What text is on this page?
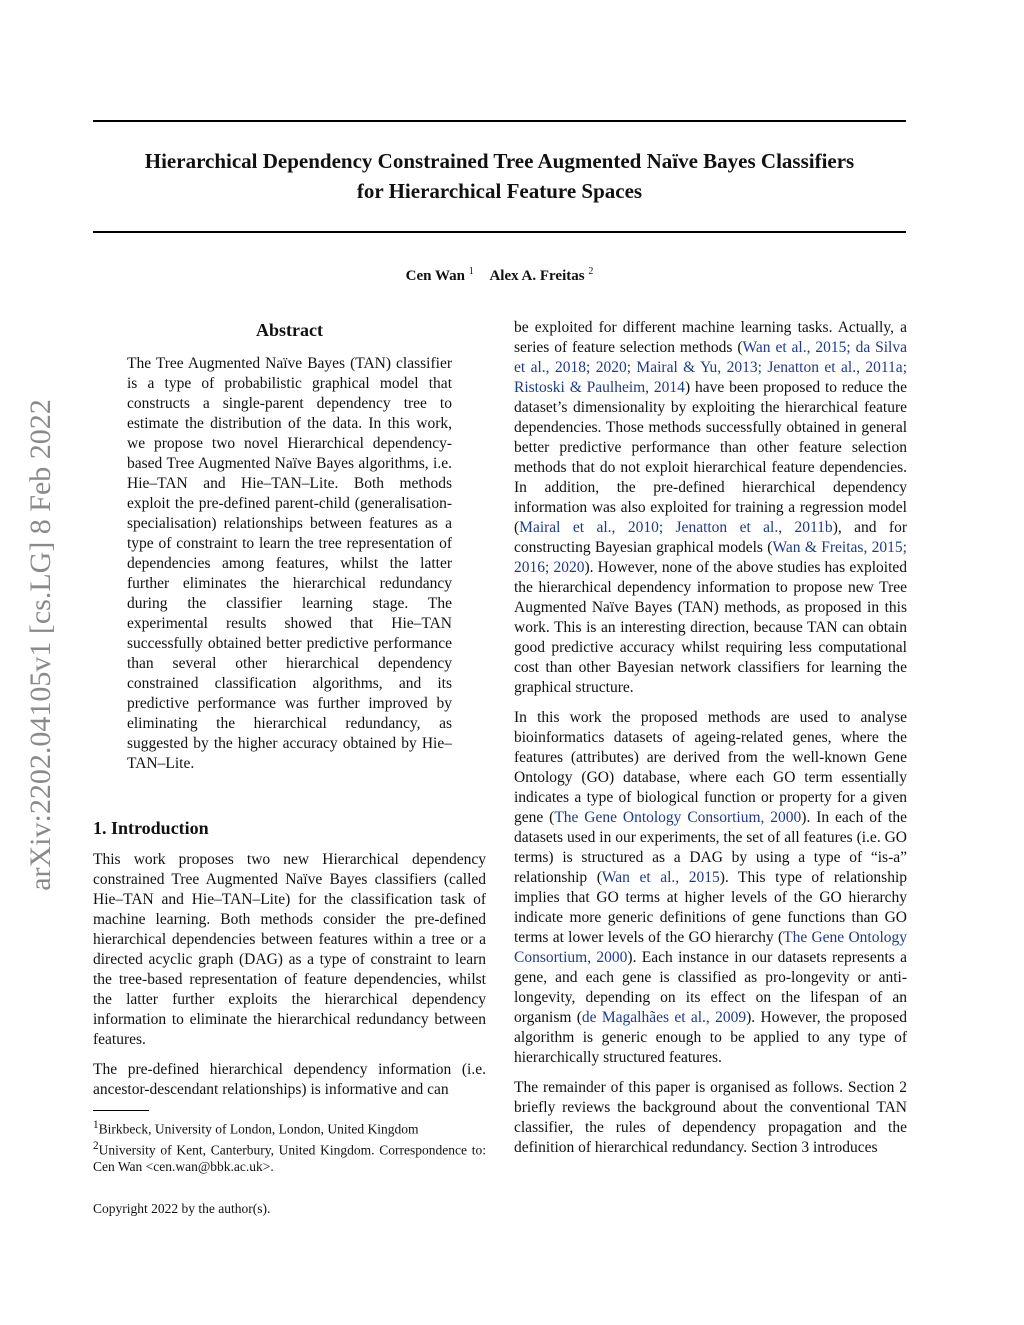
Hierarchical Dependency Constrained Tree Augmented Naïve Bayes Classifiers
for Hierarchical Feature Spaces
Cen Wan $^1$ Alex A. Freitas $^2$
arXiv:2202.04105v1 [cs.LG] 8 Feb 2022
Abstract
The Tree Augmented Naïve Bayes (TAN) classifier is a type of probabilistic graphical model that constructs a single-parent dependency tree to estimate the distribution of the data. In this work, we propose two novel Hierarchical dependency-based Tree Augmented Naïve Bayes algorithms, i.e. Hie–TAN and Hie–TAN–Lite. Both methods exploit the pre-defined parent-child (generalisation-specialisation) relationships between features as a type of constraint to learn the tree representation of dependencies among features, whilst the latter further eliminates the hierarchical redundancy during the classifier learning stage. The experimental results showed that Hie–TAN successfully obtained better predictive performance than several other hierarchical dependency constrained classification algorithms, and its predictive performance was further improved by eliminating the hierarchical redundancy, as suggested by the higher accuracy obtained by Hie–TAN–Lite.
1. Introduction

This work proposes two new Hierarchical dependency constrained Tree Augmented Naïve Bayes classifiers (called Hie–TAN and Hie–TAN–Lite) for the classification task of machine learning. Both methods consider the pre-defined hierarchical dependencies between features within a tree or a directed acyclic graph (DAG) as a type of constraint to learn the tree-based representation of feature dependencies, whilst the latter further exploits the hierarchical dependency information to eliminate the hierarchical redundancy between features.

The pre-defined hierarchical dependency information (i.e. ancestor-descendant relationships) is informative and can

$^1$Birkbeck, University of London, London, United Kingdom
$^2$University of Kent, Canterbury, United Kingdom. Correspondence to: Cen Wan <cen.wan@bbk.ac.uk>.
Copyright 2022 by the author(s).

be exploited for different machine learning tasks. Actually, a series of feature selection methods (Wan et al., 2015; da Silva et al., 2018; 2020; Mairal & Yu, 2013; Jenatton et al., 2011a; Ristoski & Paulheim, 2014) have been proposed to reduce the dataset’s dimensionality by exploiting the hierarchical feature dependencies. Those methods successfully obtained in general better predictive performance than other feature selection methods that do not exploit hierarchical feature dependencies. In addition, the pre-defined hierarchical dependency information was also exploited for training a regression model (Mairal et al., 2010; Jenatton et al., 2011b), and for constructing Bayesian graphical models (Wan & Freitas, 2015; 2016; 2020). However, none of the above studies has exploited the hierarchical dependency information to propose new Tree Augmented Naïve Bayes (TAN) methods, as proposed in this work. This is an interesting direction, because TAN can obtain good predictive accuracy whilst requiring less computational cost than other Bayesian network classifiers for learning the graphical structure.

In this work the proposed methods are used to analyse bioinformatics datasets of ageing-related genes, where the features (attributes) are derived from the well-known Gene Ontology (GO) database, where each GO term essentially indicates a type of biological function or property for a given gene (The Gene Ontology Consortium, 2000). In each of the datasets used in our experiments, the set of all features (i.e. GO terms) is structured as a DAG by using a type of “is-a” relationship (Wan et al., 2015). This type of relationship implies that GO terms at higher levels of the GO hierarchy indicate more generic definitions of gene functions than GO terms at lower levels of the GO hierarchy (The Gene Ontology Consortium, 2000). Each instance in our datasets represents a gene, and each gene is classified as pro-longevity or anti-longevity, depending on its effect on the lifespan of an organism (de Magalhães et al., 2009). However, the proposed algorithm is generic enough to be applied to any type of hierarchically structured features.

The remainder of this paper is organised as follows. Section 2 briefly reviews the background about the conventional TAN classifier, the rules of dependency propagation and the definition of hierarchical redundancy. Section 3 introduces
